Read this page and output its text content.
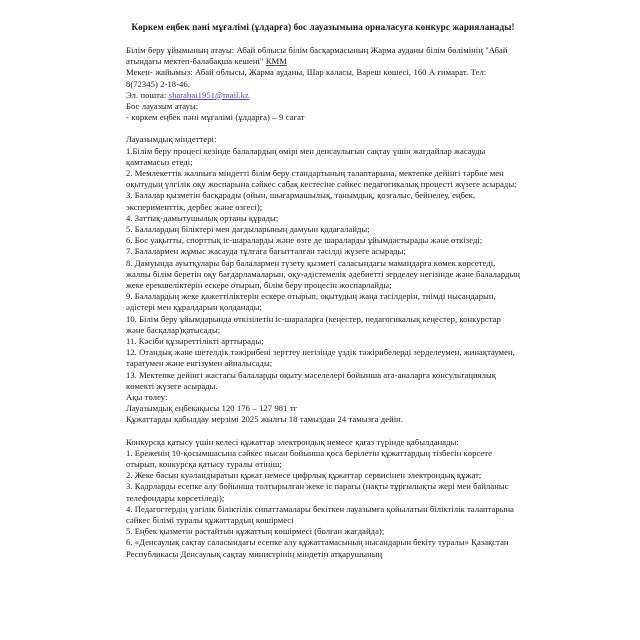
Көркем еңбек пәні мұғалімі (ұлдарға) бос лауазымына орналасуға конкурс жарияланады!

Білім беру ұйымының атауы: Абай облысы білім басқармасының Жарма ауданы білім бөлімінің "Абай атындағы мектеп-балабақша кешені" КММ

Мекен- жайымыз: Абай облысы, Жарма ауданы, Шар каласы, Вареш көшесі, 160 А ғимарат. Тел: 8(72345) 2-18-46.

Эл. пошта: sharabai1951@mail.kz

Бос лауазым атауы:

- көркем еңбек пәні мұғалімі (ұлдарға) – 9 сағат

Лауазымдық міндеттері:

1.Білім беру процесі кезінде балалардың өмірі мен денсаулығын сақтау үшін жағдайлар жасауды қамтамасыз етеді;

2. Мемлекеттік жалпыға міндетті білім беру стандартының талаптарына, мектепке дейінгі тәрбие мен оқытудың үлгілік оқу жоспарына сәйкес сабақ кестесіне сәйкес педагогикалық процесті жүзеге асырады;

3. Балалар қызметін басқарады (ойын, шығармашылық, танымдық, қозғалыс, бейнелеу, еңбек, эксперименттік, дербес және өзгесі);

4. Заттық-дамытушылық ортаны құрады;

5. Балалардың біліктері мен дағдыларының дамуын қадағалайды;

6. Бос уақытты, спорттық іс-шараларды және өзге де шараларды ұйымдастырады және өткізеді;

7. Балалармен жұмыс жасауда тұлғаға бағытталған тәсілді жүзеге асырады;

8. Дамуында ауытқулары бар балалармен түзету қызметі саласындағы мамандарға көмек көрсетеді, жалпы білім беретін оқу бағдарламаларын, оқу-әдістемелік әдебиетті зерделеу негізінде және балалардың жеке ерекшеліктерін ескере отырып, білім беру процесін жоспарлайды;

9. Балалардың жеке қажеттіліктерін ескере отырып, оқытудың жаңа тәсілдерін, тиімді нысандарын, әдістері мен құралдарын қолданады;

10. Білім беру ұйымдарында өткізілетін іс-шараларға (кеңестер, педагогикалық кеңестер, конкурстар және басқалар)қатысады;

11. Кәсіби құзыреттілікті арттырады;

12. Отандық және шетелдік тәжірибені зерттеу негізінде үздік тәжірибелерді зерделеумен, жинақтаумен, таратумен және енгізумен айналысады;

13. Мектепке дейінгі жастағы балаларды оқыту мәселелері бойынша ата-аналарға консультациялық көмекті жүзеге асырады.

Ақы төлеу:

Лауазымдық еңбекақысы 120 176 – 127 981 тг

Құжаттарды қабылдау мерзімі 2025 жылғы 18 тамыздан 24 тамызға дейін.

Конкурсқа қатысу үшін келесі құжаттар электрондық немесе қағаз түрінде қабылданады:

1. Ереженің 10-қосымшасына сәйкес нысан бойынша қоса берілетін құжаттардың тізбесін көрсете отырып, конкурсқа қатысу туралы өтініш;

2. Жеке басын куәландыратын құжат немесе цифрлық құжаттар сервисінен электрондық құжат;

3. Кадрларды есепке алу бойынша толтырылған жеке іс парағы (нақты тұрғылықты жері мен байланыс телефондары көрсетіледі);

4. Педагогтердің үлгілік біліктілік сипаттамалары бекіткен лауазымға қойылатын біліктілік талаптарына сәйкес білімі туралы құжаттардың көшірмесі

5. Еңбек қызметін растайтын құжаттың көшірмесі (болған жағдайда);

6. «Денсаулық сақтау саласындағы есепке алу құжаттамасының нысандарын бекіту туралы» Қазақстан Республикасы Денсаулық сақтау министрінің міндетін атқарушының
